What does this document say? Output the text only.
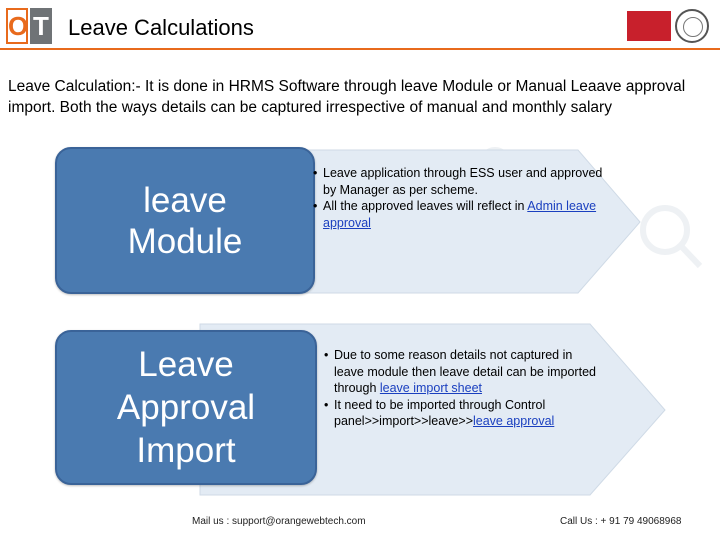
O T Leave Calculations
Leave Calculation:- It is done in HRMS Software through leave Module or Manual Leaave approval import. Both the ways details can be captured irrespective of manual and monthly salary
leave
Module
• Leave application through ESS user and approved by Manager as per scheme.
• All the approved leaves will reflect in Admin leave approval
Leave
Approval
Import
• Due to some reason details not captured in leave module then leave detail can be imported through leave import sheet
• It need to be imported through Control panel>>import>>leave>>leave approval
Mail us : support@orangewebtech.com	Call Us : + 91 79 49068968
